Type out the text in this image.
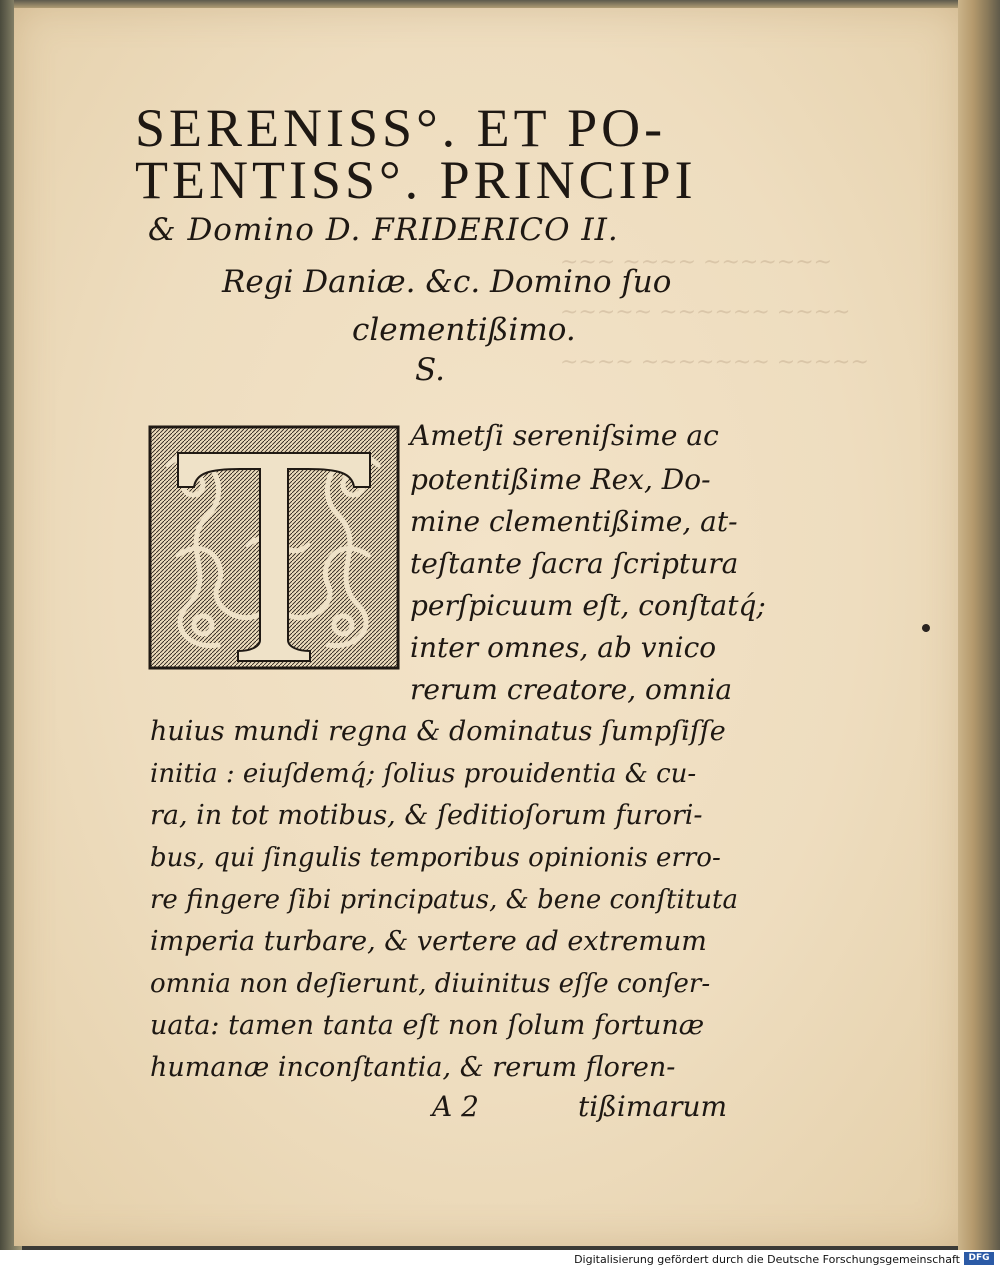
~~~ ~~~~ ~~~~~~~
~~~~~ ~~~~~~ ~~~~
~~~~ ~~~~~~~ ~~~~~
SERENISS°. ET PO-
TENTISS°. PRINCIPI
& Domino D. FRIDERICO II.
Regi Daniæ. &c. Domino ſuo
clementißimo.
S.
Ametſi sereniſsime ac
potentißime Rex, Do-
mine clementißime, at-
teſtante ſacra ſcriptura
perſpicuum eſt, conſtatq́;
inter omnes, ab vnico
rerum creatore, omnia
huius mundi regna & dominatus ſumpſiſſe
initia : eiuſdemq́; ſolius prouidentia & cu-
ra, in tot motibus, & ſeditioſorum furori-
bus, qui ſingulis temporibus opinionis erro-
re fingere ſibi principatus, & bene conſtituta
imperia turbare, & vertere ad extremum
omnia non deſierunt, diuinitus eſſe conſer-
uata: tamen tanta eſt non ſolum fortunæ
humanæ inconſtantia, & rerum floren-
A 2	tißimarum
Digitalisierung gefördert durch die Deutsche Forschungsgemeinschaft DFG
